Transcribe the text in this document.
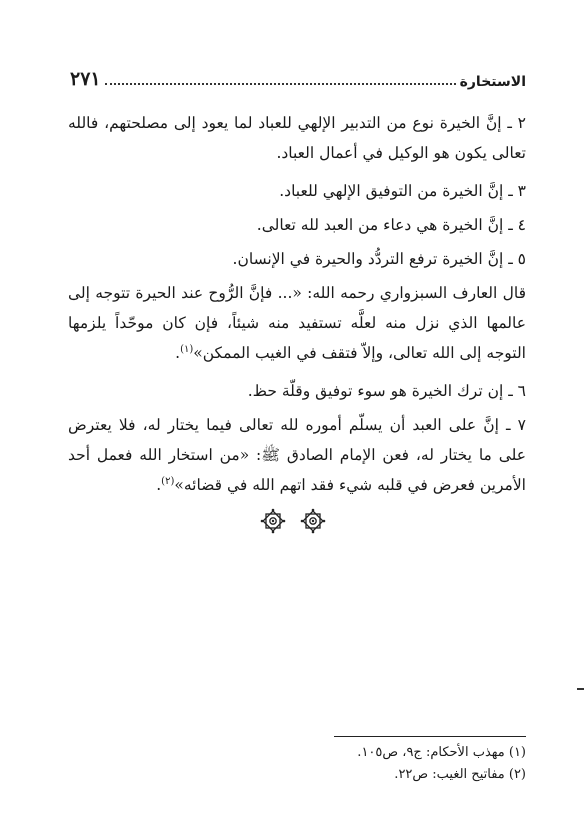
الاستخارة
٢٧١

٢ ـ إنَّ الخيرة نوع من التدبير الإلهي للعباد لما يعود إلى مصلحتهم، فالله تعالى يكون هو الوكيل في أعمال العباد.

٣ ـ إنَّ الخيرة من التوفيق الإلهي للعباد.

٤ ـ إنَّ الخيرة هي دعاء من العبد لله تعالى.

٥ ـ إنَّ الخيرة ترفع التردُّد والحيرة في الإنسان.

قال العارف السبزواري رحمه الله: «... فإنَّ الرُّوح عند الحيرة تتوجه إلى عالمها الذي نزل منه لعلَّه تستفيد منه شيئاً، فإن كان موحّداً يلزمها التوجه إلى الله تعالى، وإلاّ فتقف في الغيب الممكن»$^{(١)}$.

٦ ـ إن ترك الخيرة هو سوء توفيق وقلّة حظ.

٧ ـ إنَّ على العبد أن يسلّم أموره لله تعالى فيما يختار له، فلا يعترض على ما يختار له، فعن الإمام الصادق ﷺ: «من استخار الله فعمل أحد الأمرين فعرض في قلبه شيء فقد اتهم الله في قضائه»$^{(٢)}$.

(١) مهذب الأحكام: ج٩، ص١٠٥.

(٢) مفاتيح الغيب: ص٢٢.
